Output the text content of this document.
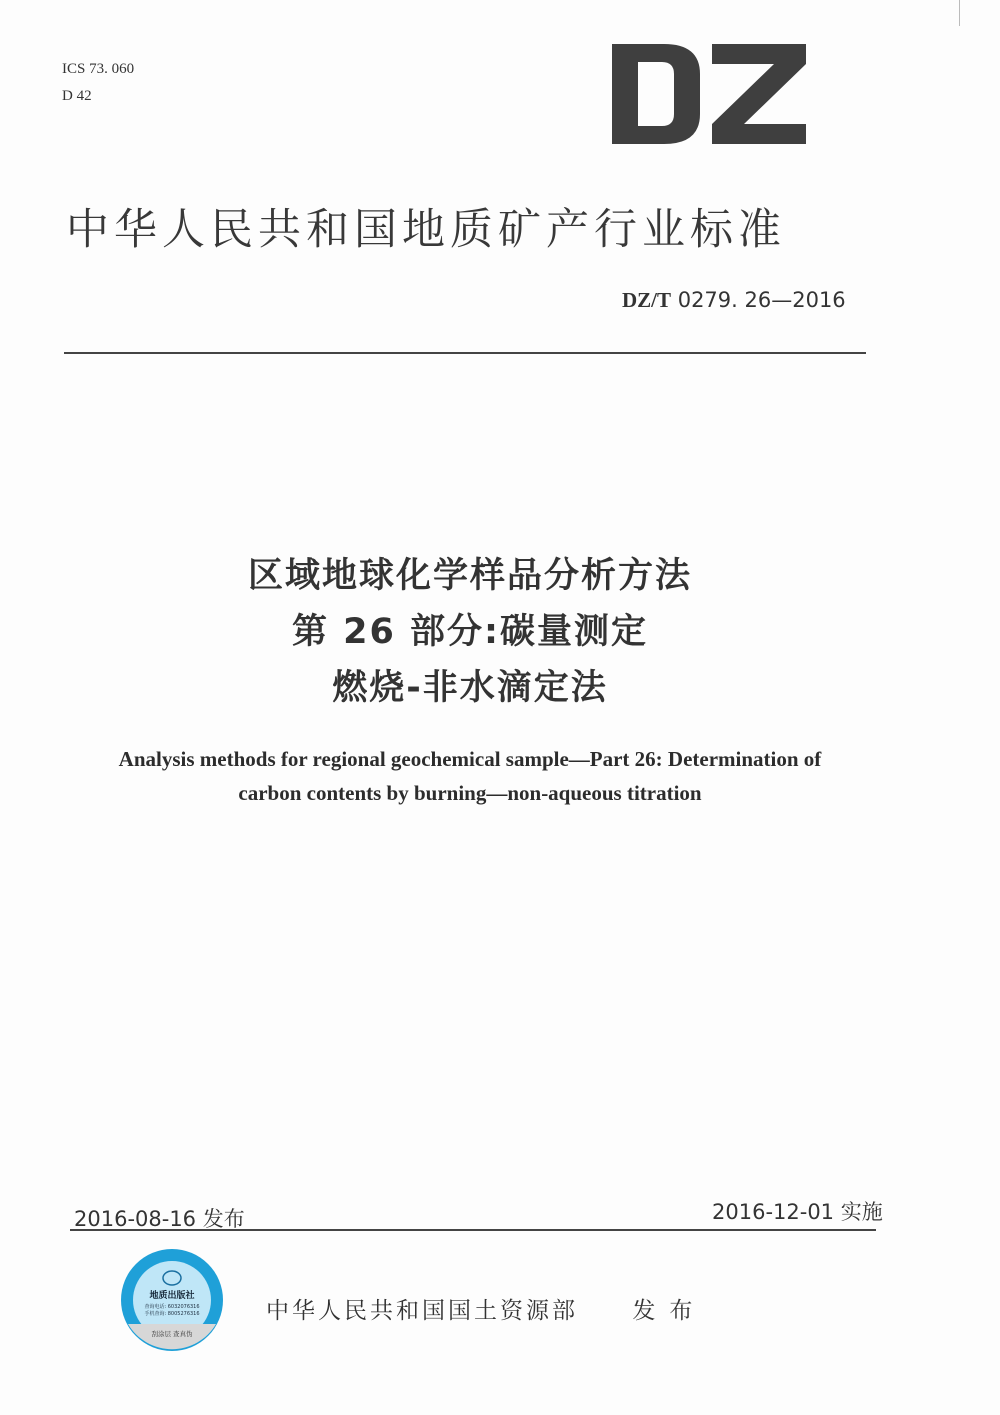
ICS 73. 060
D 42
中华人民共和国地质矿产行业标准
DZ/T 0279. 26—2016
区域地球化学样品分析方法
第 26 部分:碳量测定
燃烧-非水滴定法
Analysis methods for regional geochemical sample—Part 26: Determination of
carbon contents by burning—non-aqueous titration
2016-08-16 发布	2016-12-01 实施
地质出版社
查询电话: 6032076316
手机查询: 8005276316
刮涂层 查真伪
中华人民共和国国土资源部 发布
